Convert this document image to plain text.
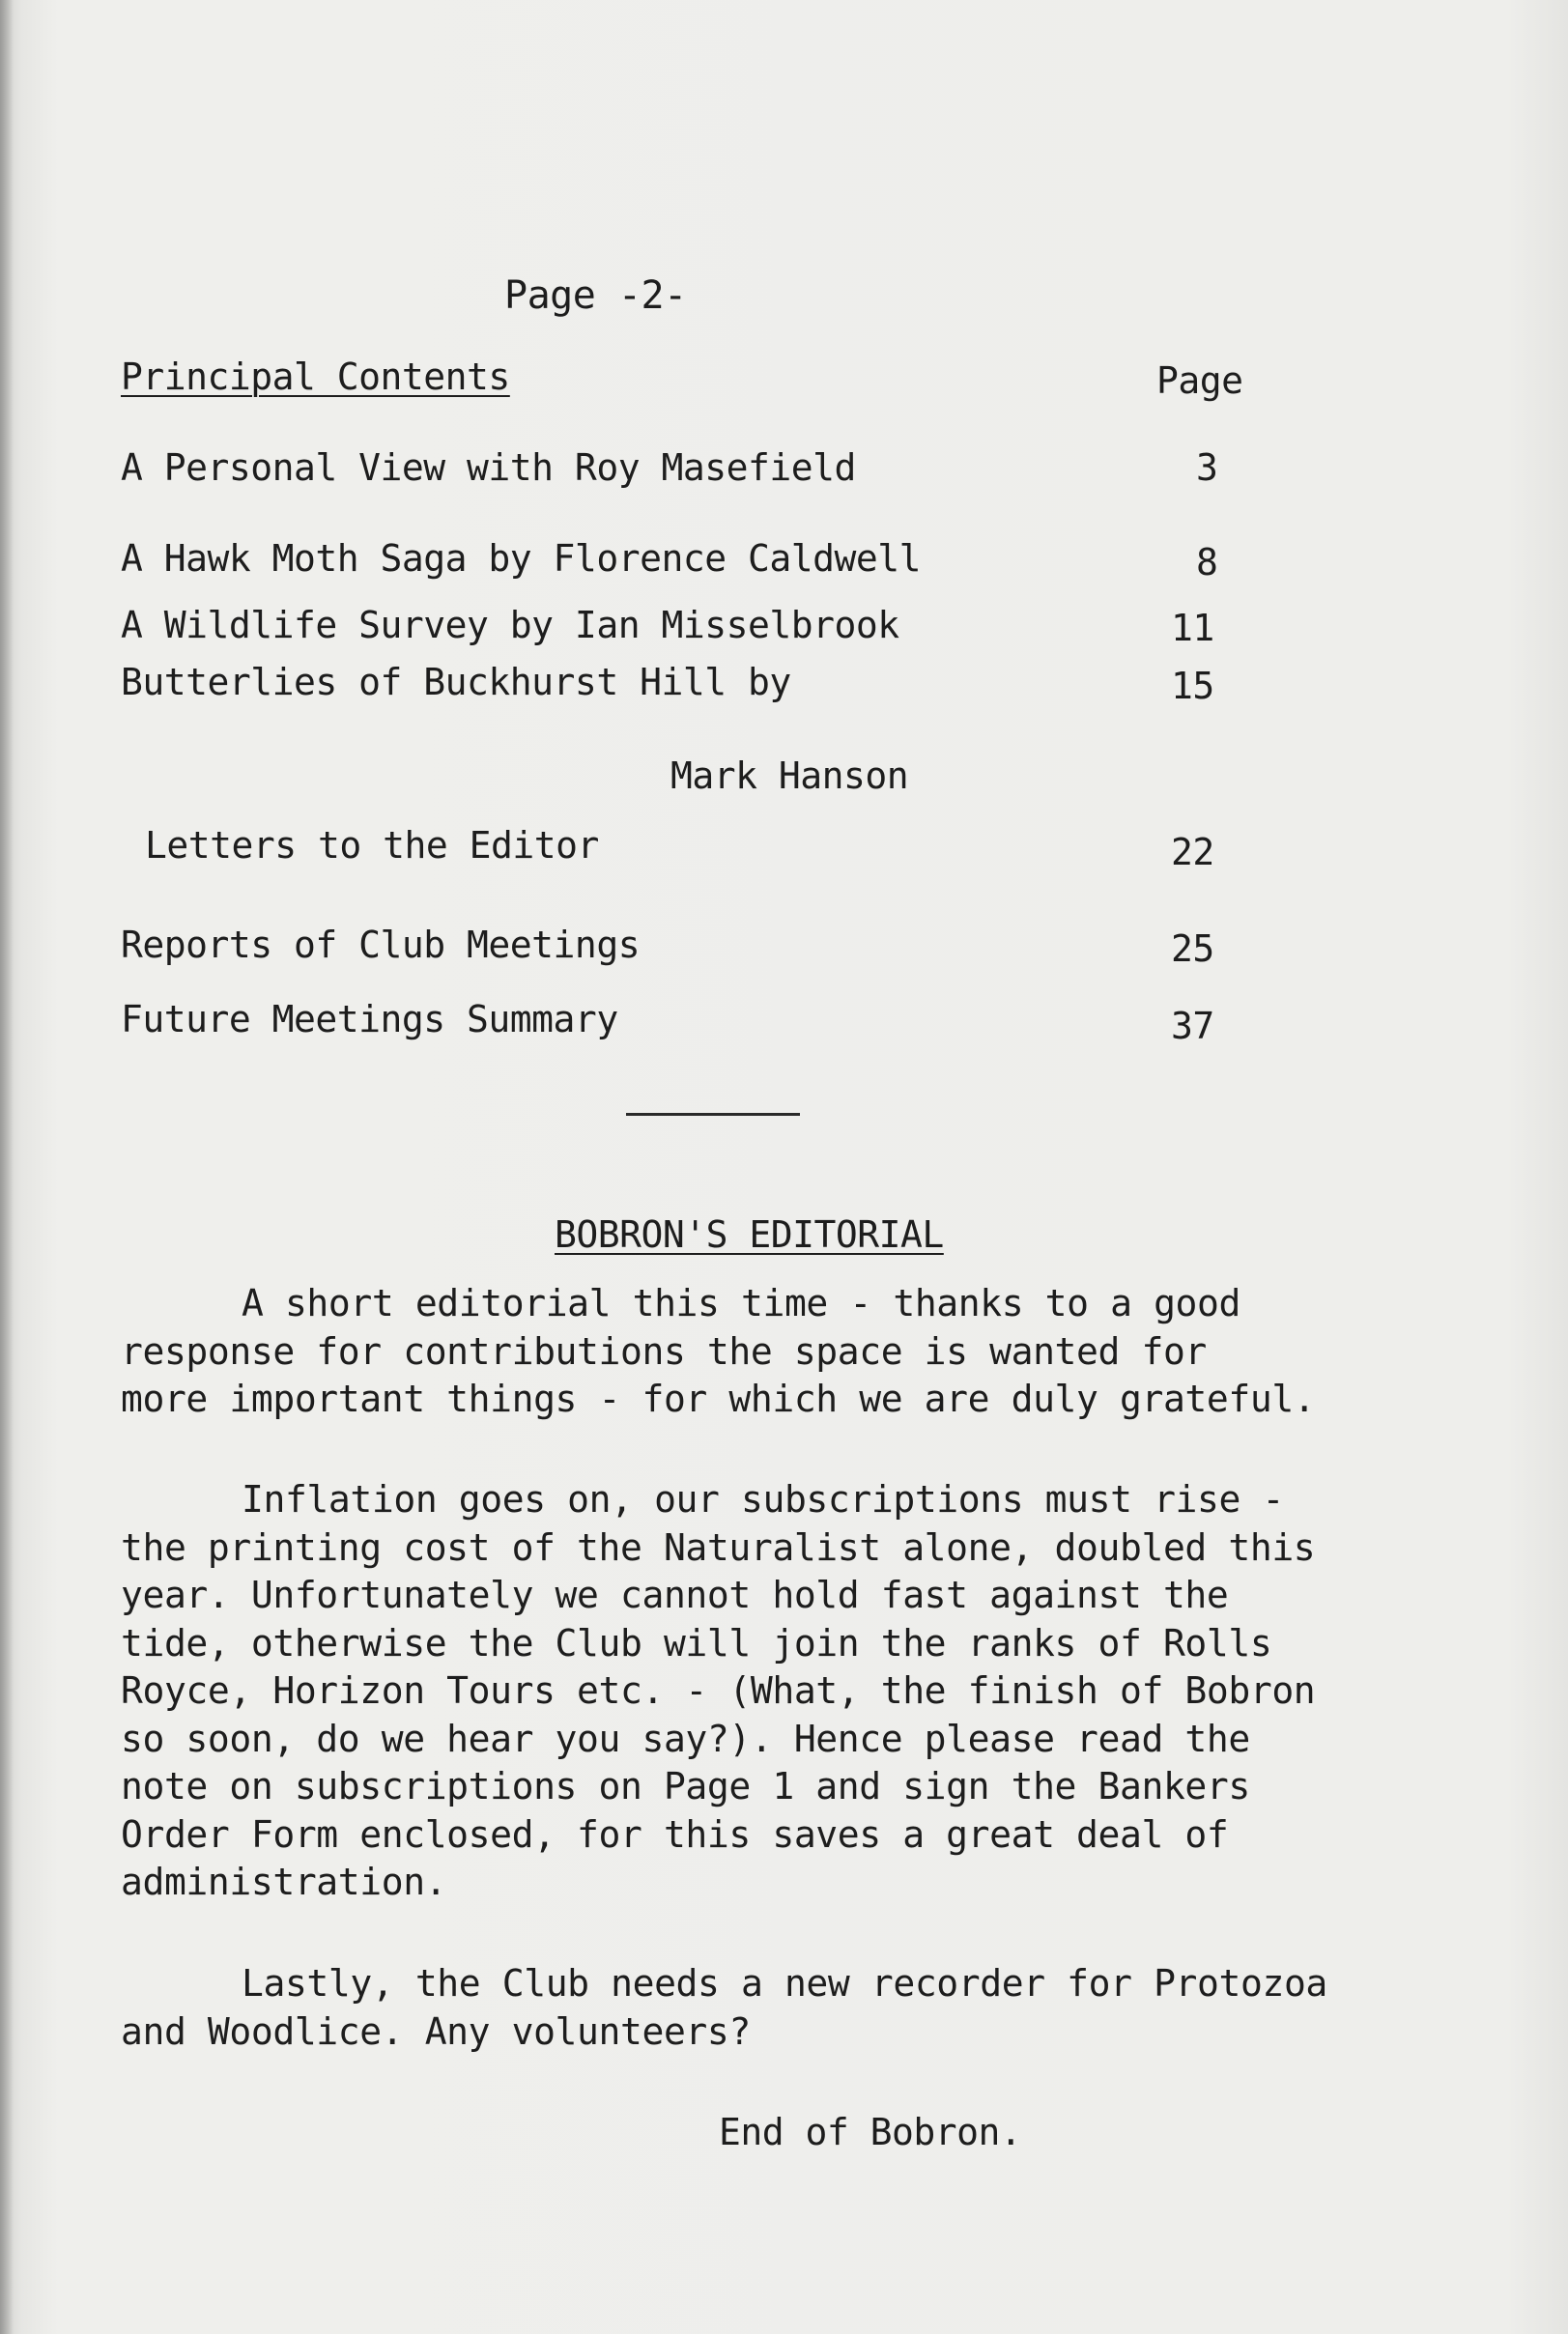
Page -2-
Principal Contents	Page
A Personal View with Roy Masefield	3
A Hawk Moth Saga by Florence Caldwell	8
A Wildlife Survey by Ian Misselbrook	11
Butterlies of Buckhurst Hill by	15
Mark Hanson
Letters to the Editor	22
Reports of Club Meetings	25
Future Meetings Summary	37
BOBRON'S EDITORIAL
A short editorial this time - thanks to a good
response for contributions the space is wanted for
more important things - for which we are duly grateful.
Inflation goes on, our subscriptions must rise -
the printing cost of the Naturalist alone, doubled this
year. Unfortunately we cannot hold fast against the
tide, otherwise the Club will join the ranks of Rolls
Royce, Horizon Tours etc. - (What, the finish of Bobron
so soon, do we hear you say?). Hence please read the
note on subscriptions on Page 1 and sign the Bankers
Order Form enclosed, for this saves a great deal of
administration.
Lastly, the Club needs a new recorder for Protozoa
and Woodlice. Any volunteers?
End of Bobron.
